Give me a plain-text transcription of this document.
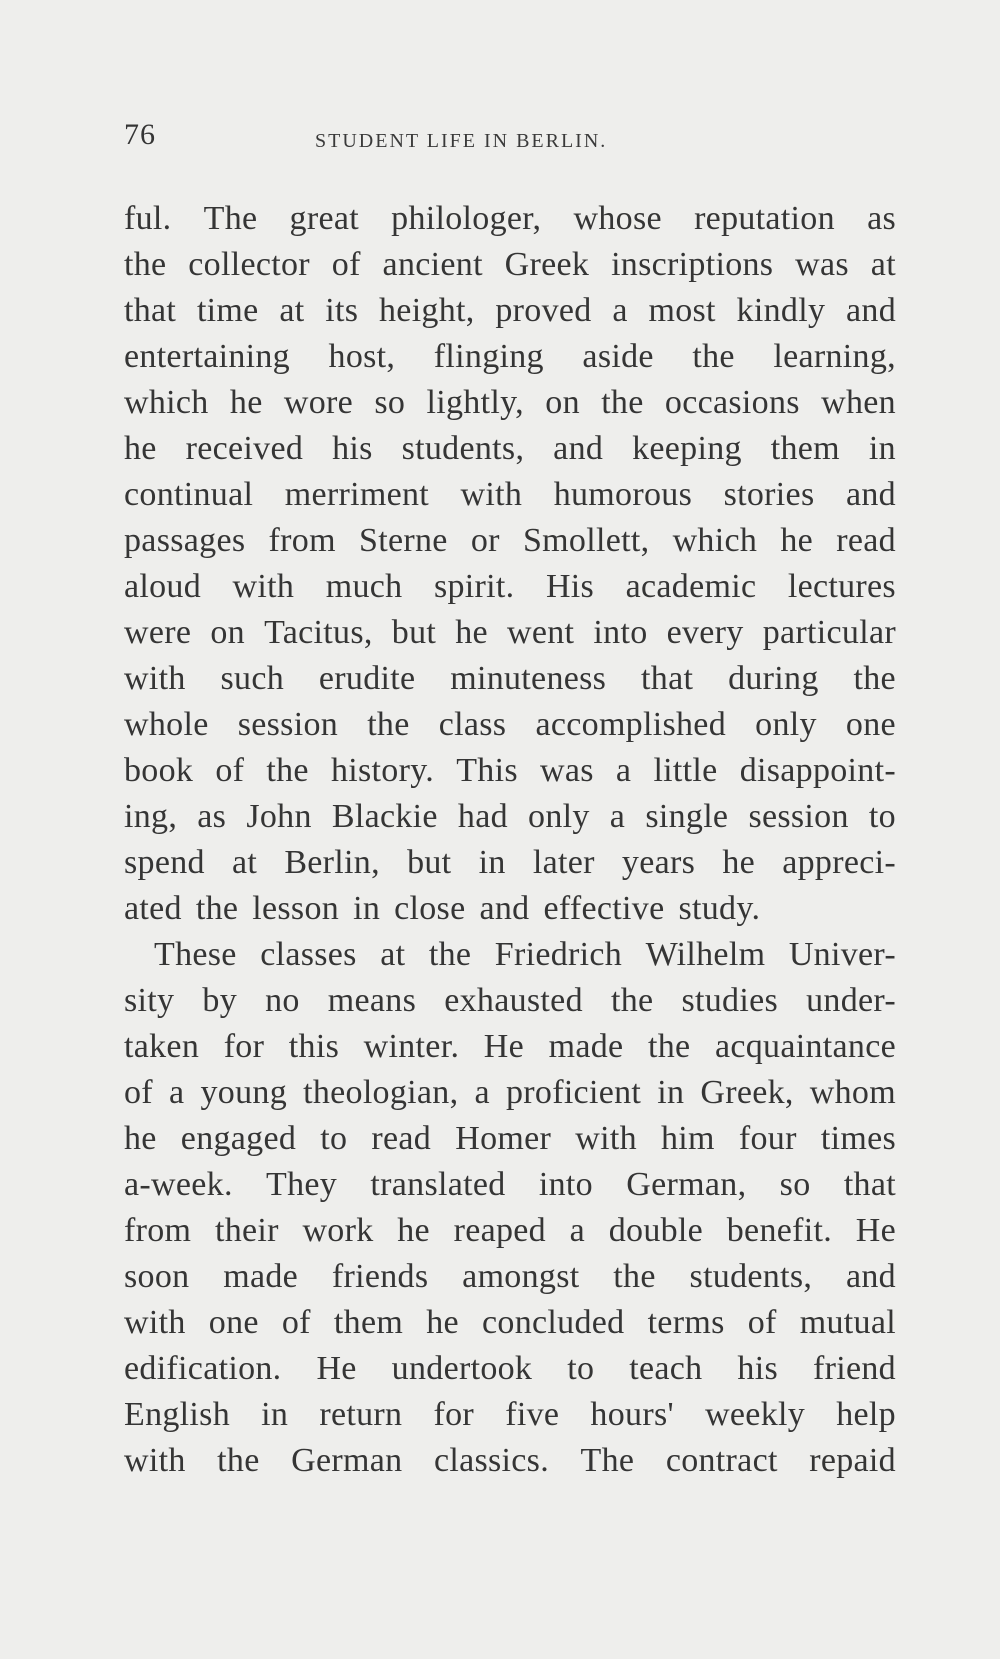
76	STUDENT LIFE IN BERLIN.
ful. The great philologer, whose reputation as
the collector of ancient Greek inscriptions was at
that time at its height, proved a most kindly and
entertaining host, flinging aside the learning,
which he wore so lightly, on the occasions when
he received his students, and keeping them in
continual merriment with humorous stories and
passages from Sterne or Smollett, which he read
aloud with much spirit. His academic lectures
were on Tacitus, but he went into every particular
with such erudite minuteness that during the
whole session the class accomplished only one
book of the history. This was a little disappoint-
ing, as John Blackie had only a single session to
spend at Berlin, but in later years he appreci-
ated the lesson in close and effective study.
These classes at the Friedrich Wilhelm Univer-
sity by no means exhausted the studies under-
taken for this winter. He made the acquaintance
of a young theologian, a proficient in Greek, whom
he engaged to read Homer with him four times
a-week. They translated into German, so that
from their work he reaped a double benefit. He
soon made friends amongst the students, and
with one of them he concluded terms of mutual
edification. He undertook to teach his friend
English in return for five hours' weekly help
with the German classics. The contract repaid
